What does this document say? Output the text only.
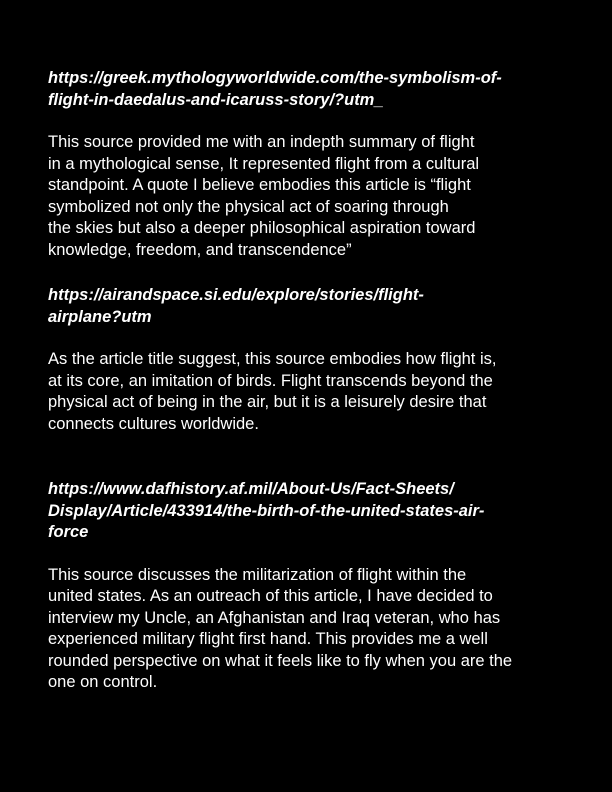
https://greek.mythologyworldwide.com/the-symbolism-of-
flight-in-daedalus-and-icaruss-story/?utm_

This source provided me with an indepth summary of flight
in a mythological sense, It represented flight from a cultural
standpoint. A quote I believe embodies this article is “flight
symbolized not only the physical act of soaring through
the skies but also a deeper philosophical aspiration toward
knowledge, freedom, and transcendence”

https://airandspace.si.edu/explore/stories/flight-
airplane?utm

As the article title suggest, this source embodies how flight is,
at its core, an imitation of birds. Flight transcends beyond the
physical act of being in the air, but it is a leisurely desire that
connects cultures worldwide.

https://www.dafhistory.af.mil/About-Us/Fact-Sheets/
Display/Article/433914/the-birth-of-the-united-states-air-
force

This source discusses the militarization of flight within the
united states. As an outreach of this article, I have decided to
interview my Uncle, an Afghanistan and Iraq veteran, who has
experienced military flight first hand. This provides me a well
rounded perspective on what it feels like to fly when you are the
one on control.
